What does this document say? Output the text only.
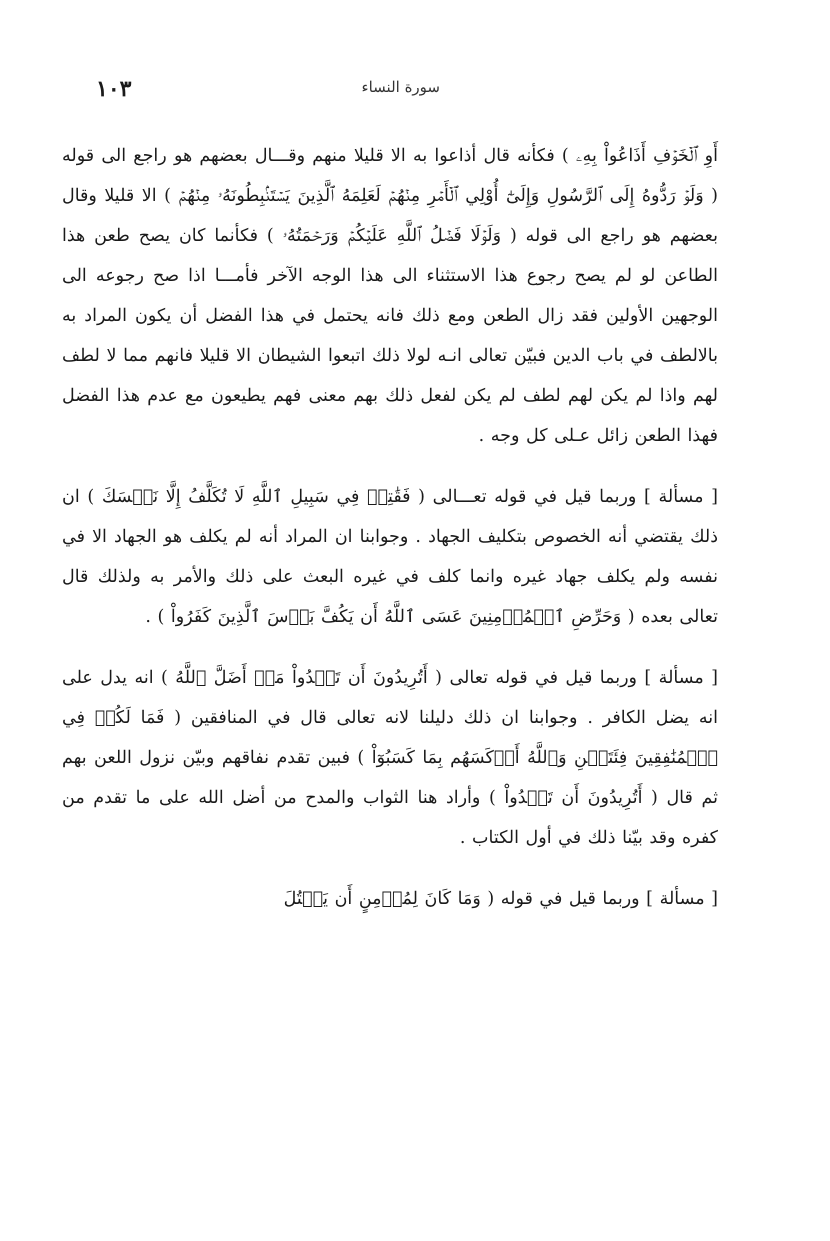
سورة النساء
١٠٣

أَوِ ٱلۡخَوۡفِ أَذَاعُواْ بِهِۦ ) فكأنه قال أذاعوا به الا قليلا منهم وقـــال بعضهم هو راجع الى قوله ( وَلَوۡ رَدُّوهُ إِلَى ٱلرَّسُولِ وَإِلَىٰٓ أُوْلِي ٱلۡأَمۡرِ مِنۡهُمۡ لَعَلِمَهُ ٱلَّذِينَ يَسۡتَنۢبِطُونَهُۥ مِنۡهُمۡ ) الا قليلا وقال بعضهم هو راجع الى قوله ( وَلَوۡلَا فَضۡلُ ٱللَّهِ عَلَيۡكُمۡ وَرَحۡمَتُهُۥ ) فكأنما كان يصح طعن هذا الطاعن لو لم يصح رجوع هذا الاستثناء الى هذا الوجه الآخر فأمـــا اذا صح رجوعه الى الوجهين الأولين فقد زال الطعن ومع ذلك فانه يحتمل في هذا الفضل أن يكون المراد به بالالطف في باب الدين فبيّن تعالى انـه لولا ذلك اتبعوا الشيطان الا قليلا فانهم مما لا لطف لهم واذا لم يكن لهم لطف لم يكن لفعل ذلك بهم معنى فهم يطيعون مع عدم هذا الفضل فهذا الطعن زائل عـلى كل وجه .

[ مسألة ] وربما قيل في قوله تعـــالى ( فَقَٰتِلۡ فِي سَبِيلِ ٱللَّهِ لَا تُكَلَّفُ إِلَّا نَفۡسَكَ ) ان ذلك يقتضي أنه الخصوص بتكليف الجهاد . وجوابنا ان المراد أنه لم يكلف هو الجهاد الا في نفسه ولم يكلف جهاد غيره وانما كلف في غيره البعث على ذلك والأمر به ولذلك قال تعالى بعده ( وَحَرِّضِ ٱلۡمُؤۡمِنِينَ عَسَى ٱللَّهُ أَن يَكُفَّ بَأۡسَ ٱلَّذِينَ كَفَرُواْ ) .

[ مسألة ] وربما قيل في قوله تعالى ( أَتُرِيدُونَ أَن تَهۡدُواْ مَنۡ أَضَلَّ ٱللَّهُ ) انه يدل على انه يضل الكافر . وجوابنا ان ذلك دليلنا لانه تعالى قال في المنافقين ( فَمَا لَكُمۡ فِي ٱلۡمُنَٰفِقِينَ فِئَتَيۡنِ وَٱللَّهُ أَرۡكَسَهُم بِمَا كَسَبُوٓاْ ) فبين تقدم نفاقهم وبيّن نزول اللعن بهم ثم قال ( أَتُرِيدُونَ أَن تَهۡدُواْ ) وأراد هنا الثواب والمدح من أضل الله على ما تقدم من كفره وقد بيّنا ذلك في أول الكتاب .

[ مسألة ] وربما قيل في قوله ( وَمَا كَانَ لِمُؤۡمِنٍ أَن يَقۡتُلَ
